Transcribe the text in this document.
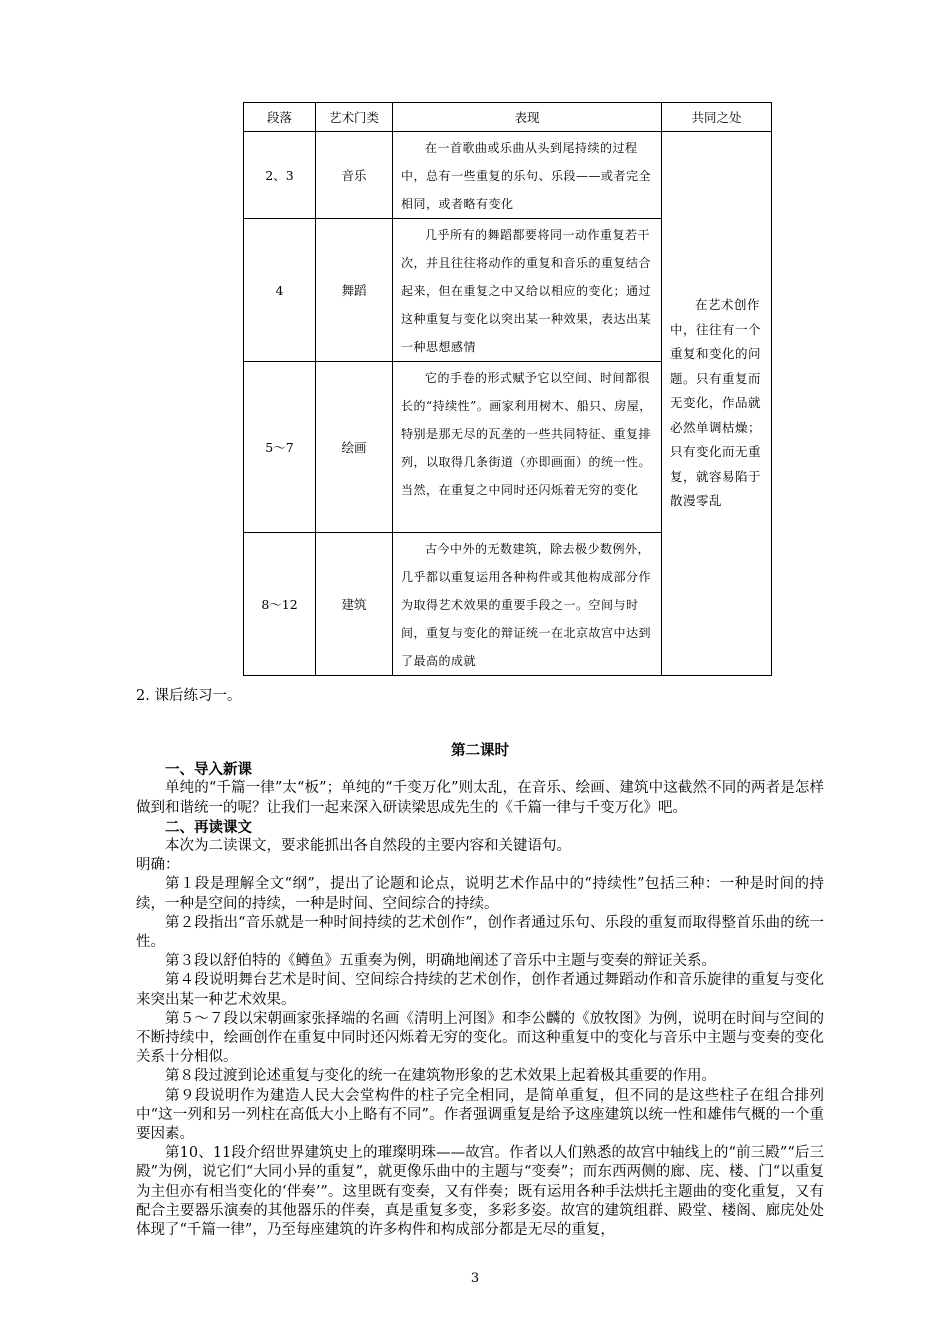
段落	艺术门类	表现	共同之处
2、3	音乐	在一首歌曲或乐曲从头到尾持续的过程中，总有一些重复的乐句、乐段——或者完全相同，或者略有变化	在艺术创作中，往往有一个重复和变化的问题。只有重复而无变化，作品就必然单调枯燥；只有变化而无重复，就容易陷于散漫零乱

4	舞蹈	几乎所有的舞蹈都要将同一动作重复若干次，并且往往将动作的重复和音乐的重复结合起来，但在重复之中又给以相应的变化；通过这种重复与变化以突出某一种效果，表达出某一种思想感情	

5～7	绘画	它的手卷的形式赋予它以空间、时间都很长的“持续性”。画家利用树木、船只、房屋，特别是那无尽的瓦垄的一些共同特征、重复排列，以取得几条街道（亦即画面）的统一性。当然，在重复之中同时还闪烁着无穷的变化	

8～12	建筑	古今中外的无数建筑，除去极少数例外，几乎都以重复运用各种构件或其他构成部分作为取得艺术效果的重要手段之一。空间与时间，重复与变化的辩证统一在北京故宫中达到了最高的成就	
2. 课后练习一。

第二课时

一、导入新课

单纯的“千篇一律”太“板”；单纯的“千变万化”则太乱，在音乐、绘画、建筑中这截然不同的两者是怎样做到和谐统一的呢？让我们一起来深入研读梁思成先生的《千篇一律与千变万化》吧。

二、再读课文

本次为二读课文，要求能抓出各自然段的主要内容和关键语句。

明确：

第１段是理解全文“纲”，提出了论题和论点，说明艺术作品中的“持续性”包括三种：一种是时间的持续，一种是空间的持续，一种是时间、空间综合的持续。

第２段指出“音乐就是一种时间持续的艺术创作”，创作者通过乐句、乐段的重复而取得整首乐曲的统一性。

第３段以舒伯特的《鳟鱼》五重奏为例，明确地阐述了音乐中主题与变奏的辩证关系。

第４段说明舞台艺术是时间、空间综合持续的艺术创作，创作者通过舞蹈动作和音乐旋律的重复与变化来突出某一种艺术效果。

第５～７段以宋朝画家张择端的名画《清明上河图》和李公麟的《放牧图》为例，说明在时间与空间的不断持续中，绘画创作在重复中同时还闪烁着无穷的变化。而这种重复中的变化与音乐中主题与变奏的变化关系十分相似。

第８段过渡到论述重复与变化的统一在建筑物形象的艺术效果上起着极其重要的作用。

第９段说明作为建造人民大会堂构件的柱子完全相同，是简单重复，但不同的是这些柱子在组合排列中“这一列和另一列柱在高低大小上略有不同”。作者强调重复是给予这座建筑以统一性和雄伟气概的一个重要因素。

第10、11段介绍世界建筑史上的璀璨明珠——故宫。作者以人们熟悉的故宫中轴线上的“前三殿”“后三殿”为例，说它们“大同小异的重复”，就更像乐曲中的主题与“变奏”；而东西两侧的廊、庑、楼、门“以重复为主但亦有相当变化的‘伴奏’”。这里既有变奏，又有伴奏；既有运用各种手法烘托主题曲的变化重复，又有配合主要器乐演奏的其他器乐的伴奏，真是重复多变，多彩多姿。故宫的建筑组群、殿堂、楼阁、廊庑处处体现了“千篇一律”，乃至每座建筑的许多构件和构成部分都是无尽的重复，

3
